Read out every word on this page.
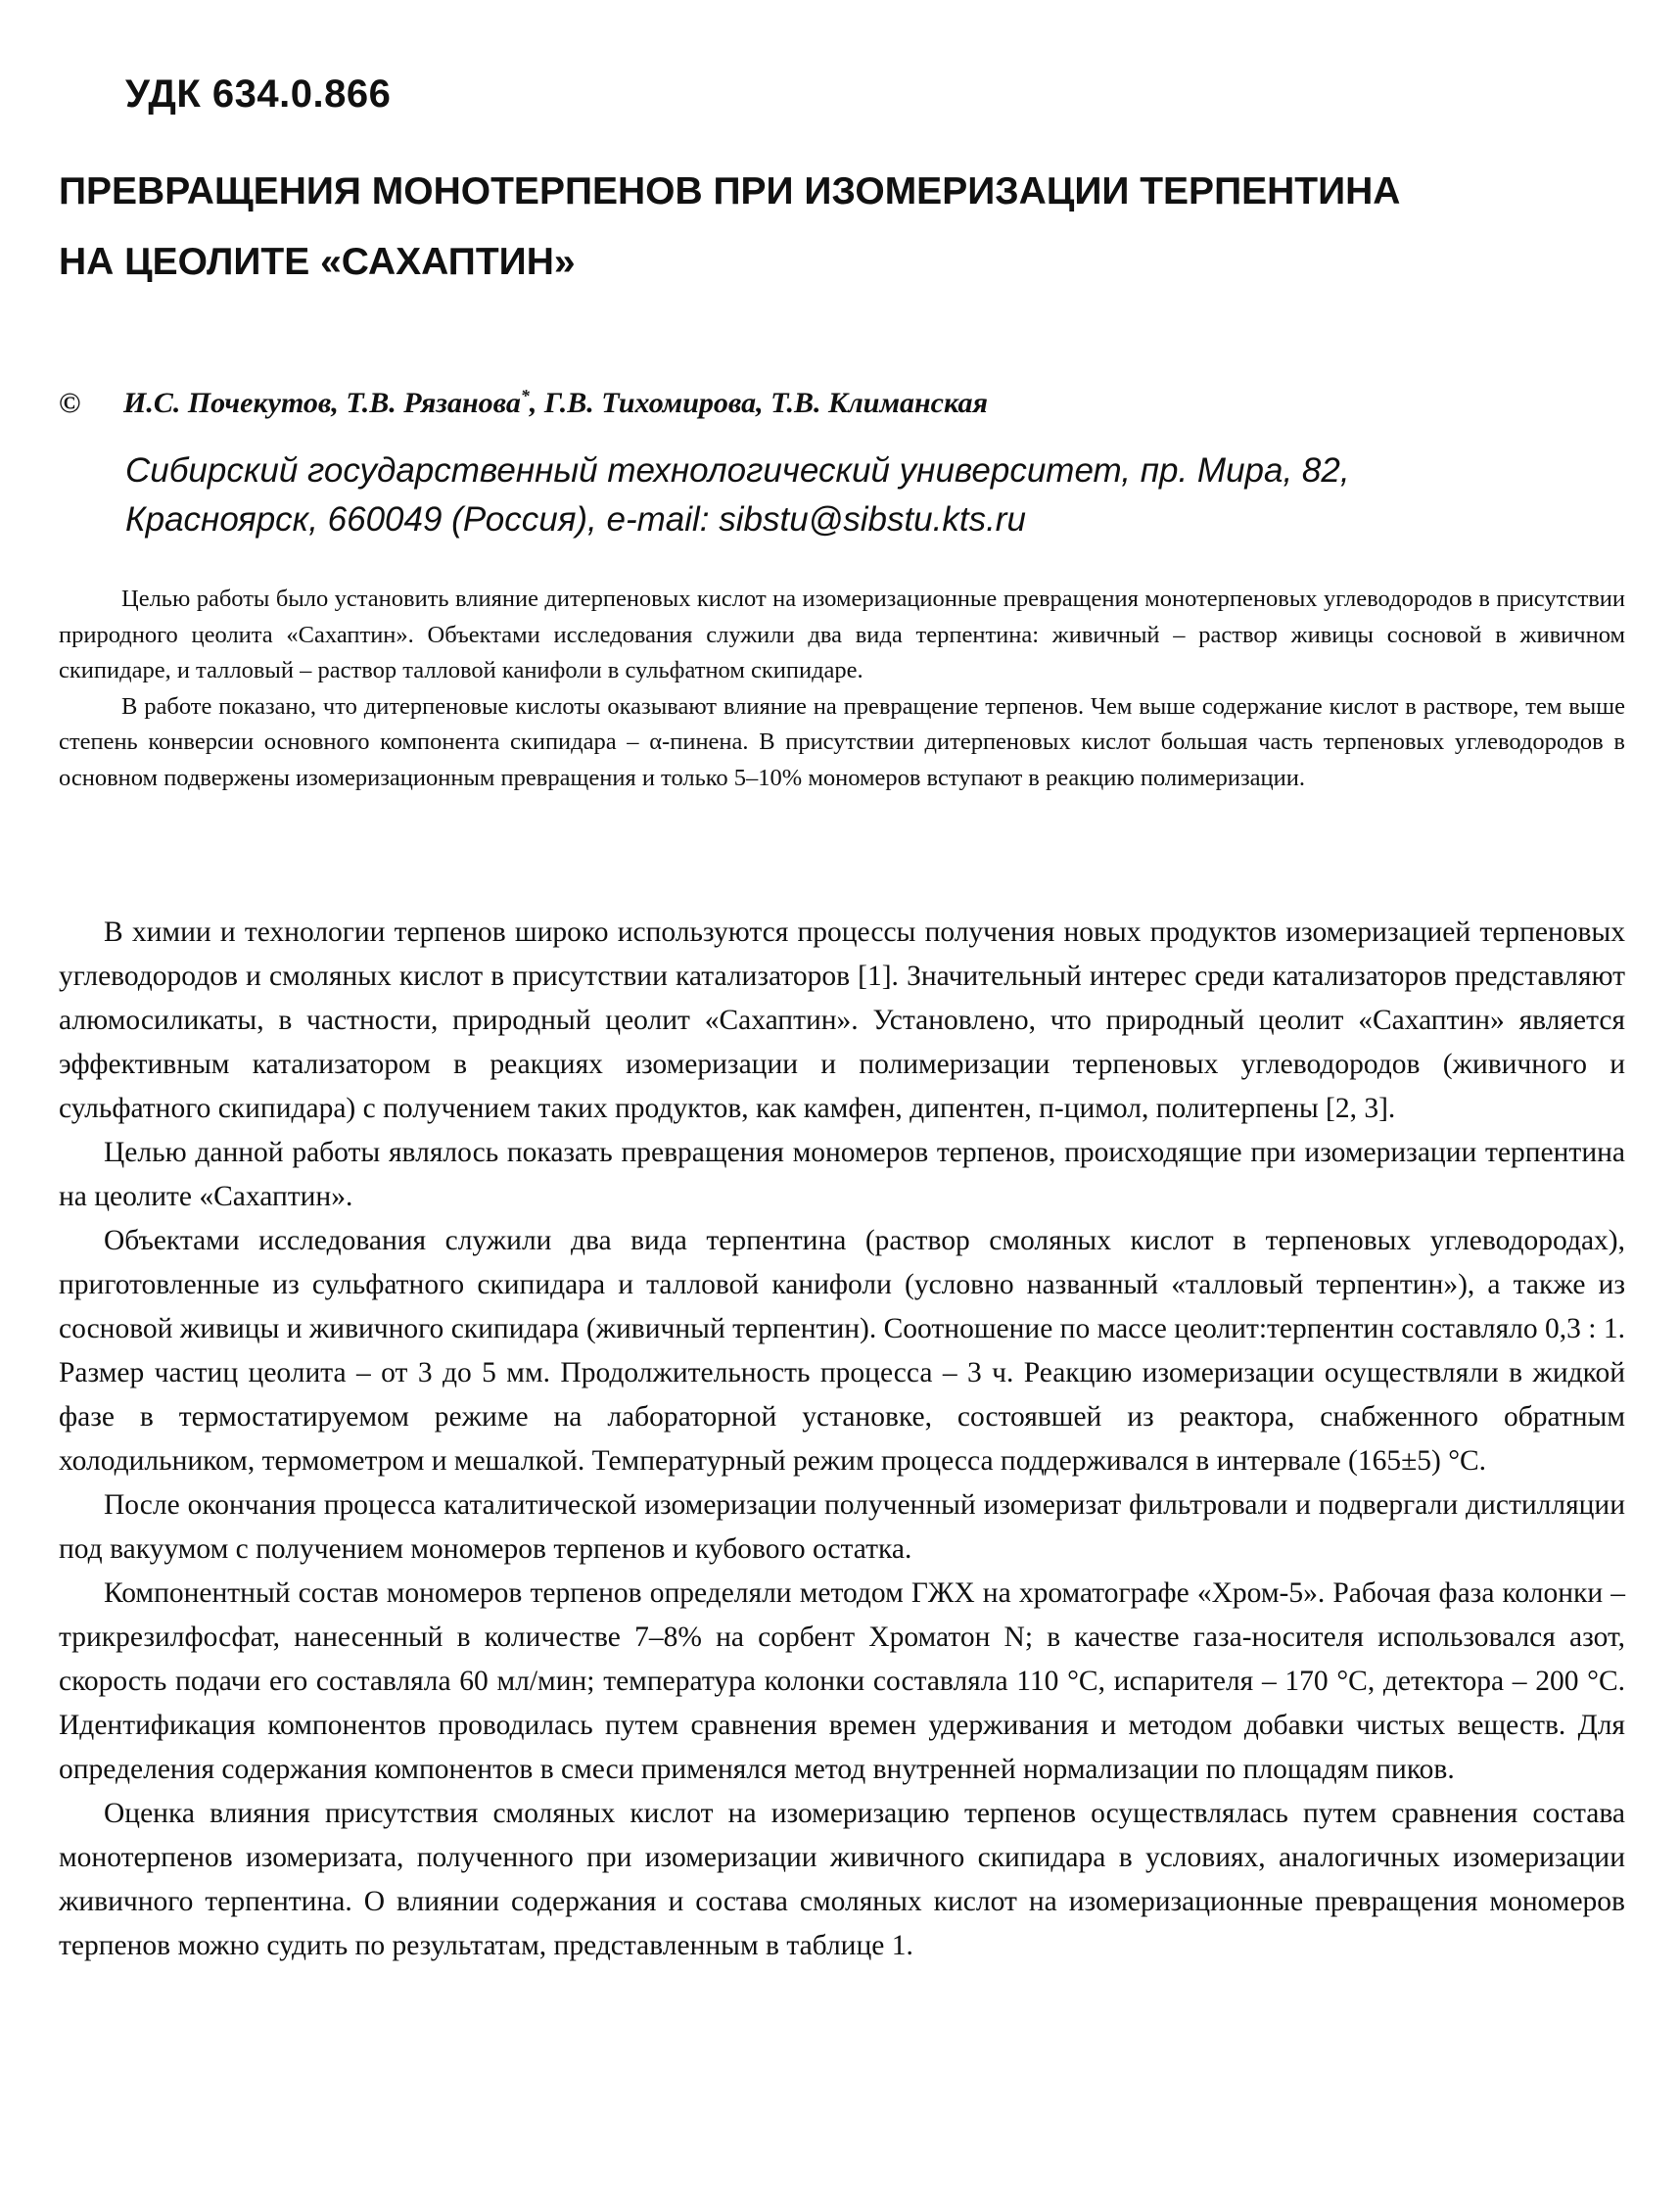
УДК 634.0.866
ПРЕВРАЩЕНИЯ МОНОТЕРПЕНОВ ПРИ ИЗОМЕРИЗАЦИИ ТЕРПЕНТИНА
НА ЦЕОЛИТЕ «САХАПТИН»
© И.С. Почекутов, Т.В. Рязанова*, Г.В. Тихомирова, Т.В. Климанская
Сибирский государственный технологический университет, пр. Мира, 82,
Красноярск, 660049 (Россия), e-mail: sibstu@sibstu.kts.ru

Целью работы было установить влияние дитерпеновых кислот на изомеризационные превращения монотерпеновых углеводородов в присутствии природного цеолита «Сахаптин». Объектами исследования служили два вида терпентина: живичный – раствор живицы сосновой в живичном скипидаре, и талловый – раствор талловой канифоли в сульфатном скипидаре.

В работе показано, что дитерпеновые кислоты оказывают влияние на превращение терпенов. Чем выше содержание кислот в растворе, тем выше степень конверсии основного компонента скипидара – α-пинена. В присутствии дитерпеновых кислот большая часть терпеновых углеводородов в основном подвержены изомеризационным превращения и только 5–10% мономеров вступают в реакцию полимеризации.

В химии и технологии терпенов широко используются процессы получения новых продуктов изомеризацией терпеновых углеводородов и смоляных кислот в присутствии катализаторов [1]. Значительный интерес среди катализаторов представляют алюмосиликаты, в частности, природный цеолит «Сахаптин». Установлено, что природный цеолит «Сахаптин» является эффективным катализатором в реакциях изомеризации и полимеризации терпеновых углеводородов (живичного и сульфатного скипидара) с получением таких продуктов, как камфен, дипентен, п-цимол, политерпены [2, 3].

Целью данной работы являлось показать превращения мономеров терпенов, происходящие при изомеризации терпентина на цеолите «Сахаптин».

Объектами исследования служили два вида терпентина (раствор смоляных кислот в терпеновых углеводородах), приготовленные из сульфатного скипидара и талловой канифоли (условно названный «талловый терпентин»), а также из сосновой живицы и живичного скипидара (живичный терпентин). Соотношение по массе цеолит:терпентин составляло 0,3 : 1. Размер частиц цеолита – от 3 до 5 мм. Продолжительность процесса – 3 ч. Реакцию изомеризации осуществляли в жидкой фазе в термостатируемом режиме на лабораторной установке, состоявшей из реактора, снабженного обратным холодильником, термометром и мешалкой. Температурный режим процесса поддерживался в интервале (165±5) °С.

После окончания процесса каталитической изомеризации полученный изомеризат фильтровали и подвергали дистилляции под вакуумом с получением мономеров терпенов и кубового остатка.

Компонентный состав мономеров терпенов определяли методом ГЖХ на хроматографе «Хром-5». Рабочая фаза колонки – трикрезилфосфат, нанесенный в количестве 7–8% на сорбент Хроматон N; в качестве газа-носителя использовался азот, скорость подачи его составляла 60 мл/мин; температура колонки составляла 110 °С, испарителя – 170 °С, детектора – 200 °С. Идентификация компонентов проводилась путем сравнения времен удерживания и методом добавки чистых веществ. Для определения содержания компонентов в смеси применялся метод внутренней нормализации по площадям пиков.

Оценка влияния присутствия смоляных кислот на изомеризацию терпенов осуществлялась путем сравнения состава монотерпенов изомеризата, полученного при изомеризации живичного скипидара в условиях, аналогичных изомеризации живичного терпентина. О влиянии содержания и состава смоляных кислот на изомеризационные превращения мономеров терпенов можно судить по результатам, представленным в таблице 1.
